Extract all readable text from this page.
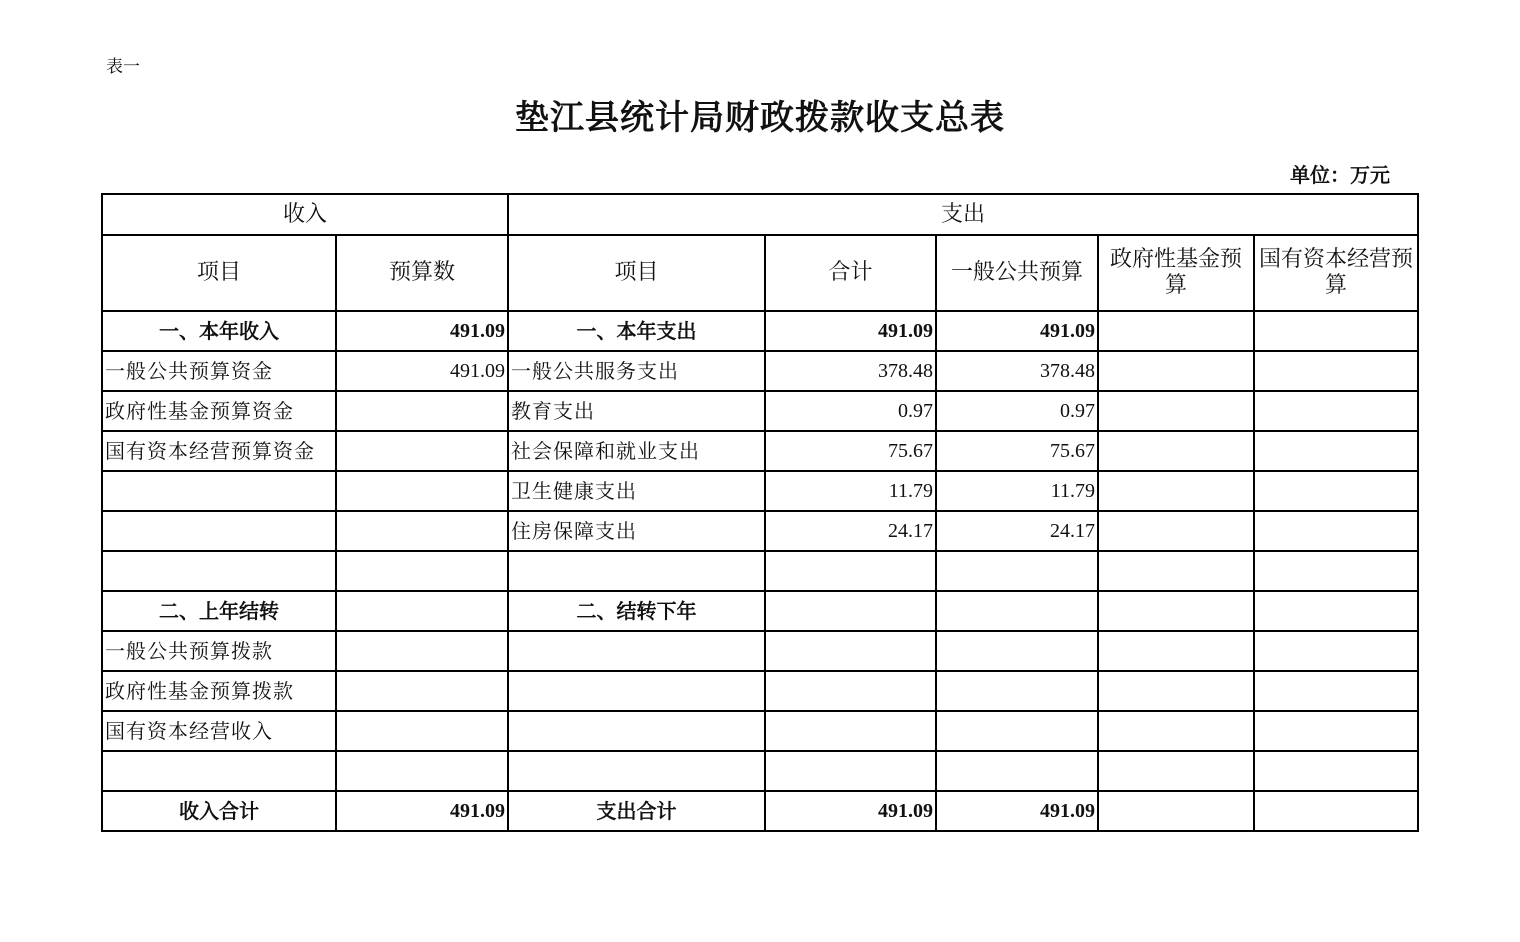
表一
垫江县统计局财政拨款收支总表
单位：万元
收入		支出				
项目	预算数	项目	合计	一般公共预算	政府性基金预算	国有资本经营预算
一、本年收入	491.09	一、本年支出	491.09	491.09		
一般公共预算资金	491.09	一般公共服务支出	378.48	378.48		
政府性基金预算资金		教育支出	0.97	0.97		
国有资本经营预算资金		社会保障和就业支出	75.67	75.67		
		卫生健康支出	11.79	11.79		
		住房保障支出	24.17	24.17		

二、上年结转		二、结转下年				
一般公共预算拨款						
政府性基金预算拨款						
国有资本经营收入						

收入合计	491.09	支出合计	491.09	491.09		
